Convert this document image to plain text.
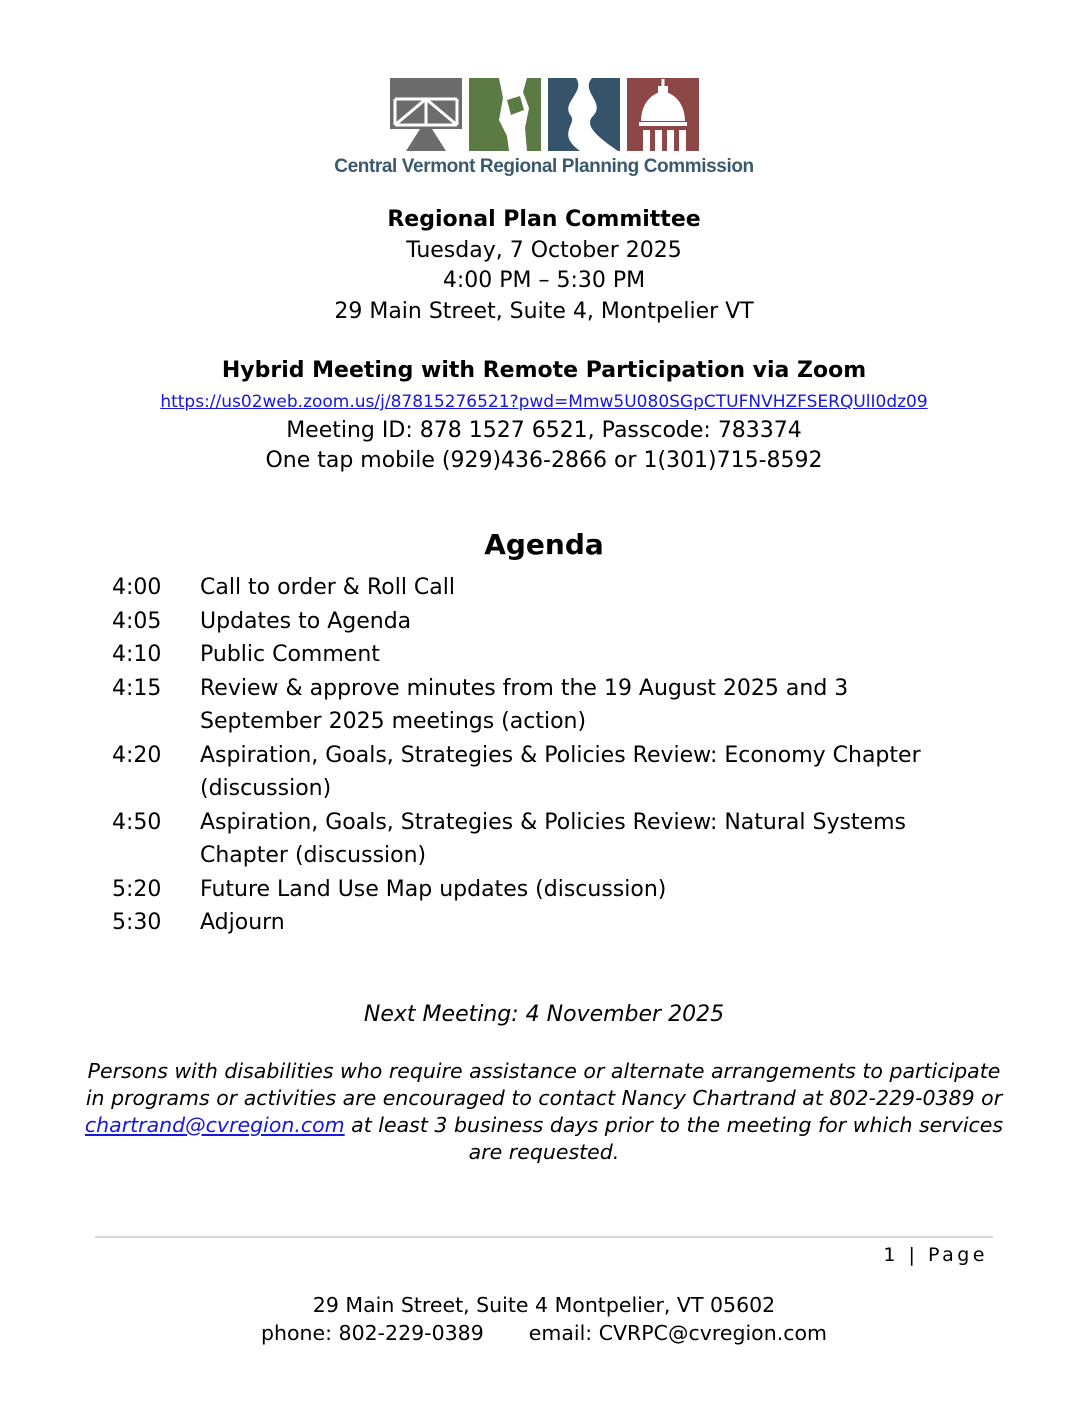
Central Vermont Regional Planning Commission
Regional Plan Committee
Tuesday, 7 October 2025
4:00 PM – 5:30 PM
29 Main Street, Suite 4, Montpelier VT
Hybrid Meeting with Remote Participation via Zoom
https://us02web.zoom.us/j/87815276521?pwd=Mmw5U080SGpCTUFNVHZFSERQUlI0dz09
Meeting ID: 878 1527 6521, Passcode: 783374
One tap mobile (929)436-2866 or 1(301)715-8592
Agenda
4:00	Call to order & Roll Call
4:05	Updates to Agenda
4:10	Public Comment
4:15	Review & approve minutes from the 19 August 2025 and 3 September 2025 meetings (action)
4:20	Aspiration, Goals, Strategies & Policies Review: Economy Chapter (discussion)
4:50	Aspiration, Goals, Strategies & Policies Review: Natural Systems Chapter (discussion)
5:20	Future Land Use Map updates (discussion)
5:30	Adjourn
Next Meeting: 4 November 2025

Persons with disabilities who require assistance or alternate arrangements to participate in programs or activities are encouraged to contact Nancy Chartrand at 802-229-0389 or chartrand@cvregion.com at least 3 business days prior to the meeting for which services are requested.

1 | Page
29 Main Street, Suite 4 Montpelier, VT 05602
phone: 802-229-0389 email: CVRPC@cvregion.com
